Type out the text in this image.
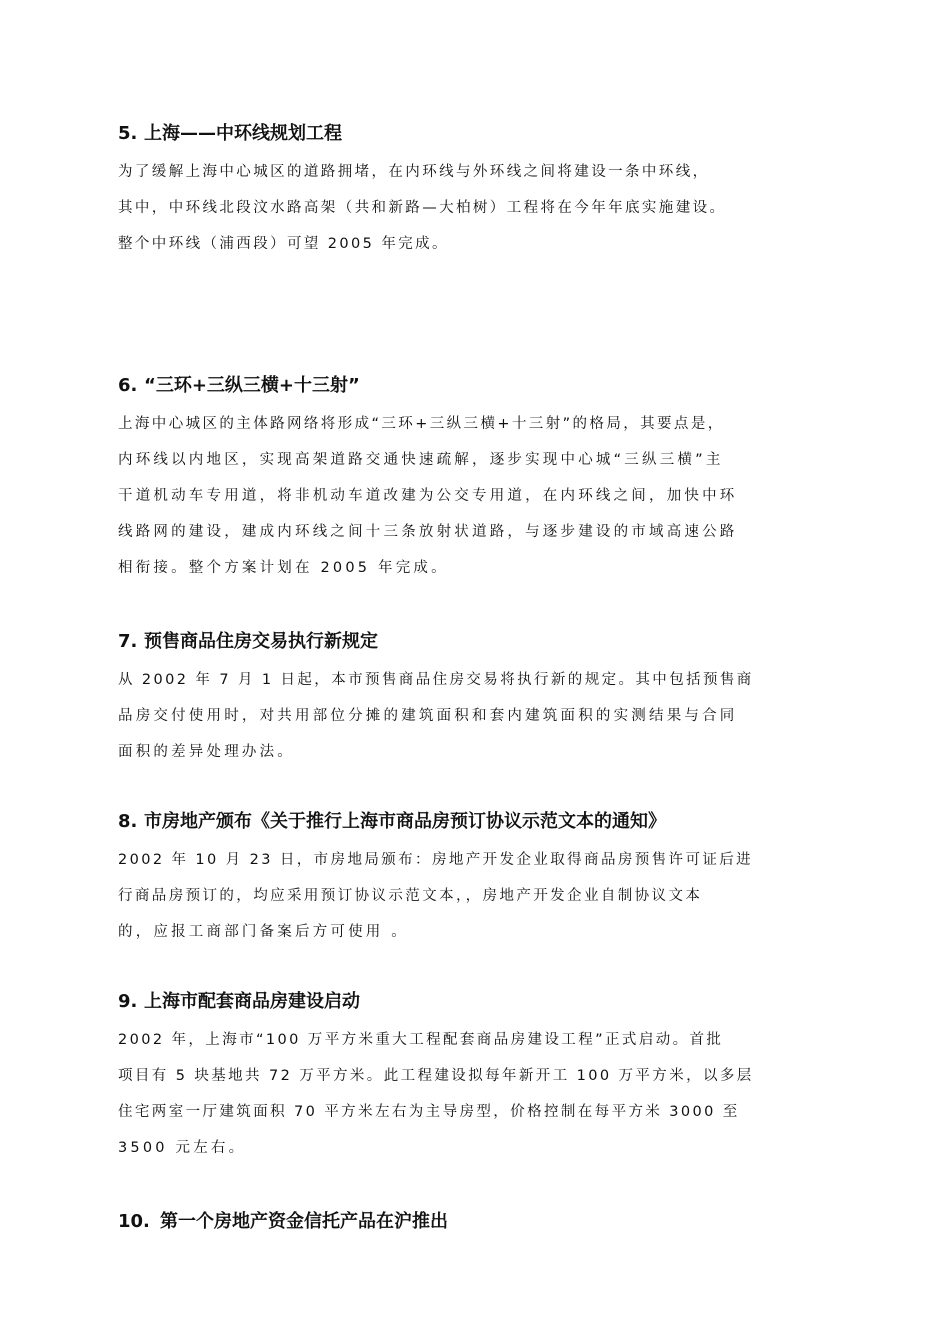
5. 上海——中环线规划工程
为了缓解上海中心城区的道路拥堵，在内环线与外环线之间将建设一条中环线，
其中，中环线北段汶水路高架（共和新路—大柏树）工程将在今年年底实施建设。
整个中环线（浦西段）可望 2005 年完成。
6. “三环+三纵三横+十三射”
上海中心城区的主体路网络将形成“三环+三纵三横+十三射”的格局，其要点是，
内环线以内地区，实现高架道路交通快速疏解，逐步实现中心城“三纵三横”主
干道机动车专用道，将非机动车道改建为公交专用道，在内环线之间，加快中环
线路网的建设，建成内环线之间十三条放射状道路，与逐步建设的市域高速公路
相衔接。整个方案计划在 2005 年完成。
7. 预售商品住房交易执行新规定
从 2002 年 7 月 1 日起，本市预售商品住房交易将执行新的规定。其中包括预售商
品房交付使用时，对共用部位分摊的建筑面积和套内建筑面积的实测结果与合同
面积的差异处理办法。
8. 市房地产颁布《关于推行上海市商品房预订协议示范文本的通知》
2002 年 10 月 23 日，市房地局颁布：房地产开发企业取得商品房预售许可证后进
行商品房预订的，均应采用预订协议示范文本，，房地产开发企业自制协议文本
的，应报工商部门备案后方可使用 。
9. 上海市配套商品房建设启动
2002 年，上海市“100 万平方米重大工程配套商品房建设工程”正式启动。首批
项目有 5 块基地共 72 万平方米。此工程建设拟每年新开工 100 万平方米，以多层
住宅两室一厅建筑面积 70 平方米左右为主导房型，价格控制在每平方米 3000 至
3500 元左右。
10. 第一个房地产资金信托产品在沪推出
